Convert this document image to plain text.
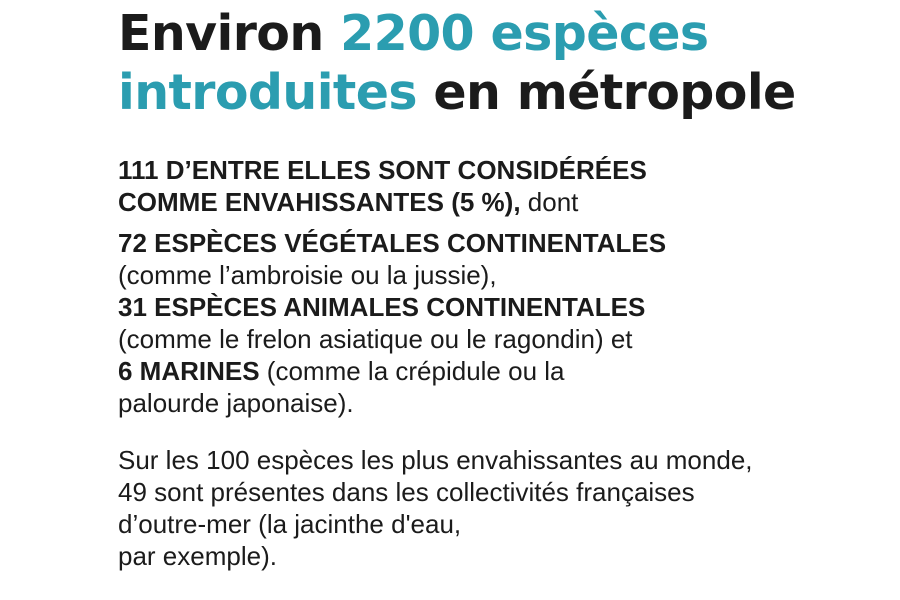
Environ 2200 espèces
introduites en métropole

111 D’ENTRE ELLES SONT CONSIDÉRÉES
COMME ENVAHISSANTES (5 %), dont

72 ESPÈCES VÉGÉTALES CONTINENTALES
(comme l’ambroisie ou la jussie),
31 ESPÈCES ANIMALES CONTINENTALES
(comme le frelon asiatique ou le ragondin) et
6 MARINES (comme la crépidule ou la
palourde japonaise).

Sur les 100 espèces les plus envahissantes au monde,
49 sont présentes dans les collectivités françaises
d’outre-mer (la jacinthe d'eau,
par exemple).
